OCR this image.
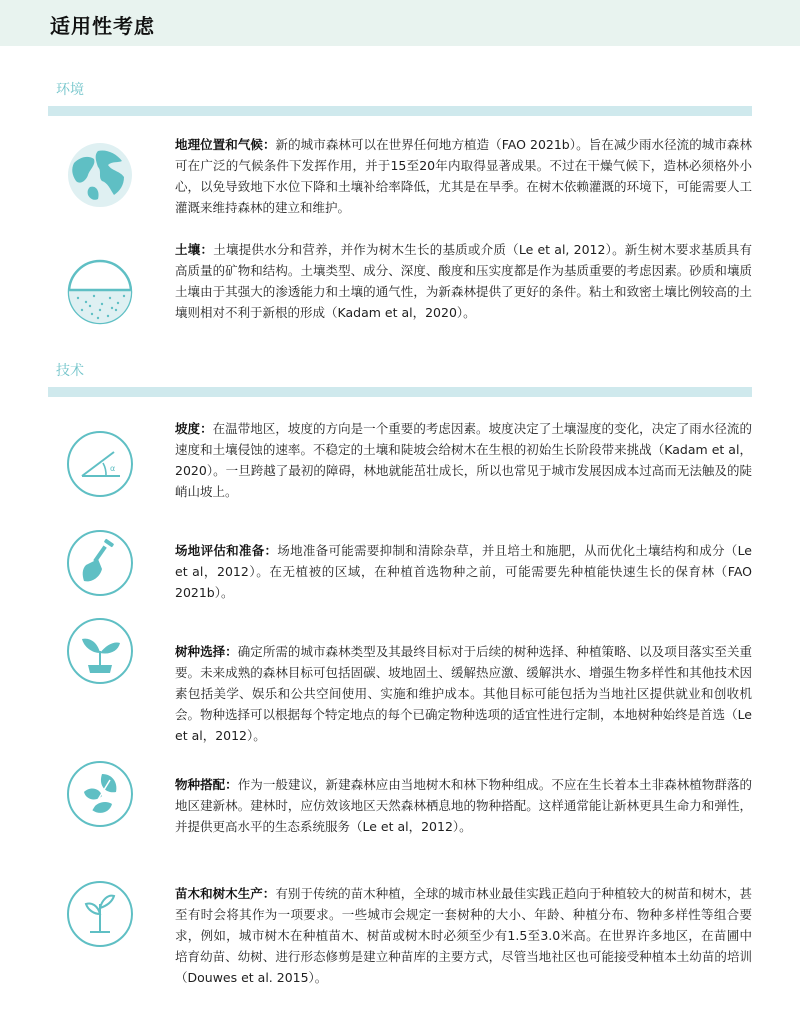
适用性考虑
环境
地理位置和气候：新的城市森林可以在世界任何地方植造（FAO 2021b）。旨在减少雨水径流的城市森林可在广泛的气候条件下发挥作用，并于15至20年内取得显著成果。不过在干燥气候下，造林必须格外小心，以免导致地下水位下降和土壤补给率降低，尤其是在旱季。在树木依赖灌溉的环境下，可能需要人工灌溉来维持森林的建立和维护。
土壤：土壤提供水分和营养，并作为树木生长的基质或介质（Le et al, 2012）。新生树木要求基质具有高质量的矿物和结构。土壤类型、成分、深度、酸度和压实度都是作为基质重要的考虑因素。砂质和壤质土壤由于其强大的渗透能力和土壤的通气性，为新森林提供了更好的条件。粘土和致密土壤比例较高的土壤则相对不利于新根的形成（Kadam et al，2020）。
技术
α
坡度：在温带地区，坡度的方向是一个重要的考虑因素。坡度决定了土壤湿度的变化，决定了雨水径流的速度和土壤侵蚀的速率。不稳定的土壤和陡坡会给树木在生根的初始生长阶段带来挑战（Kadam et al，2020）。一旦跨越了最初的障碍，林地就能茁壮成长，所以也常见于城市发展因成本过高而无法触及的陡峭山坡上。
场地评估和准备：场地准备可能需要抑制和清除杂草，并且培土和施肥，从而优化土壤结构和成分（Le et al，2012）。在无植被的区域，在种植首选物种之前，可能需要先种植能快速生长的保育林（FAO 2021b）。
树种选择：确定所需的城市森林类型及其最终目标对于后续的树种选择、种植策略、以及项目落实至关重要。未来成熟的森林目标可包括固碳、坡地固土、缓解热应激、缓解洪水、增强生物多样性和其他技术因素包括美学、娱乐和公共空间使用、实施和维护成本。其他目标可能包括为当地社区提供就业和创收机会。物种选择可以根据每个特定地点的每个已确定物种选项的适宜性进行定制，本地树种始终是首选（Le et al，2012）。
物种搭配：作为一般建议，新建森林应由当地树木和林下物种组成。不应在生长着本土非森林植物群落的地区建新林。建林时，应仿效该地区天然森林栖息地的物种搭配。这样通常能让新林更具生命力和弹性，并提供更高水平的生态系统服务（Le et al，2012）。
苗木和树木生产：有别于传统的苗木种植，全球的城市林业最佳实践正趋向于种植较大的树苗和树木，甚至有时会将其作为一项要求。一些城市会规定一套树种的大小、年龄、种植分布、物种多样性等组合要求，例如，城市树木在种植苗木、树苗或树木时必须至少有1.5至3.0米高。在世界许多地区，在苗圃中培育幼苗、幼树、进行形态修剪是建立种苗库的主要方式，尽管当地社区也可能接受种植本土幼苗的培训（Douwes et al. 2015）。
